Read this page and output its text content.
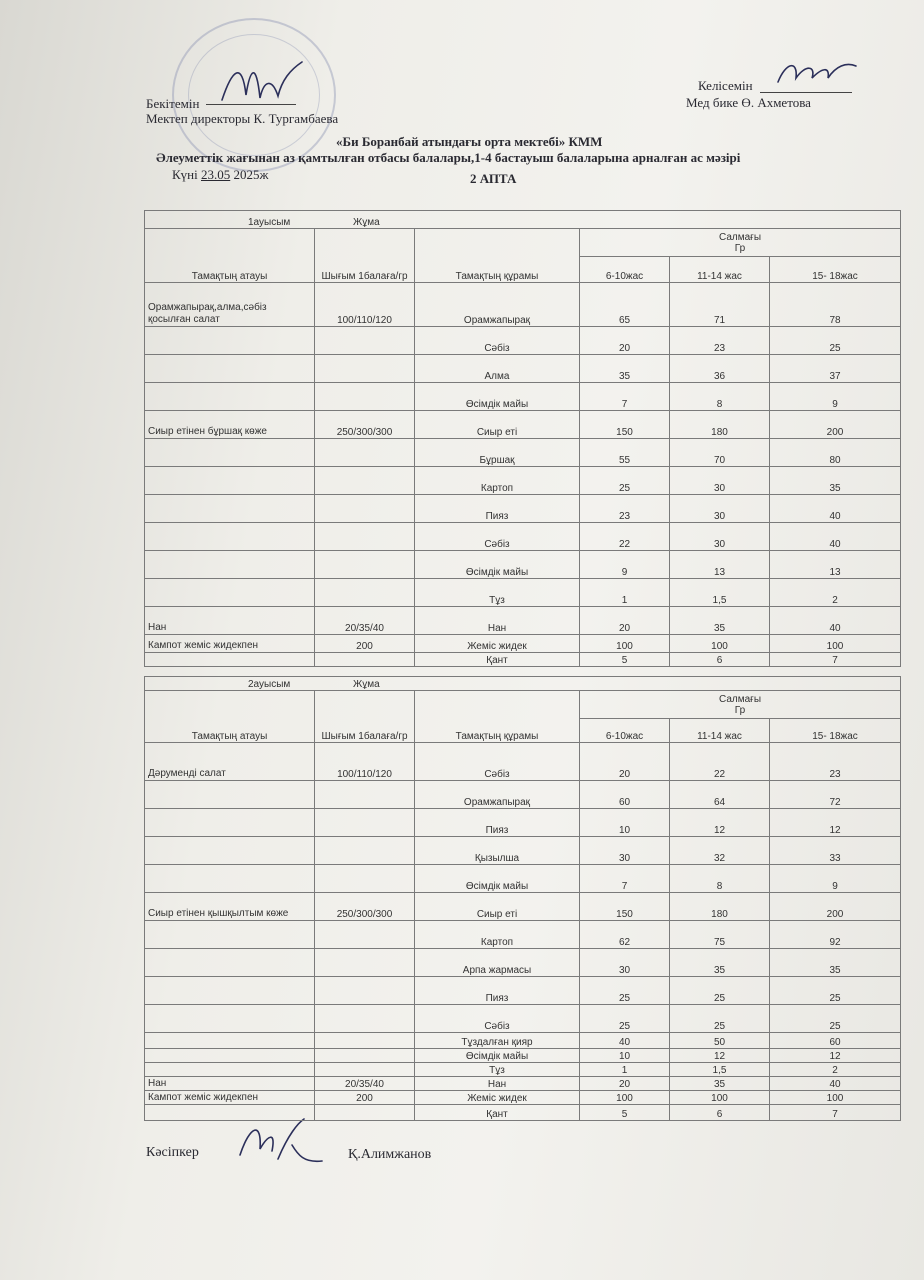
Бекітемін
Мектеп директоры К. Тургамбаева
Келісемін
Мед бике Ө. Ахметова
«Би Боранбай атындағы орта мектебі» КММ
Әлеуметтік жағынан аз қамтылған отбасы балалары,1-4 бастауыш балаларына арналған ас мәзірі
Күні 23.05 2025ж	2 АПТА
1ауысым Жұма					
Тамақтың атауы	Шығым 1балаға/гр	Тамақтың құрамы	Салмағы
Гр		

			6-10жас	11-14 жас	15- 18жас
Орамжапырақ,алма,сәбіз қосылған салат	100/110/120	Орамжапырақ	65	71	78
		Сәбіз	20	23	25
		Алма	35	36	37
		Өсімдік майы	7	8	9
Сиыр етінен бұршақ көже	250/300/300	Сиыр еті	150	180	200
		Бұршақ	55	70	80
		Картоп	25	30	35
		Пияз	23	30	40
		Сәбіз	22	30	40
		Өсімдік майы	9	13	13
		Тұз	1	1,5	2
Нан	20/35/40	Нан	20	35	40
Кампот жеміс жидекпен	200	Жеміс жидек	100	100	100
		Қант	5	6	7
2ауысым Жұма					
Тамақтың атауы	Шығым 1балаға/гр	Тамақтың құрамы	Салмағы
Гр		

			6-10жас	11-14 жас	15- 18жас
Дәруменді салат	100/110/120	Сәбіз	20	22	23
		Орамжапырақ	60	64	72
		Пияз	10	12	12
		Қызылша	30	32	33
		Өсімдік майы	7	8	9
Сиыр етінен қышқылтым көже	250/300/300	Сиыр еті	150	180	200
		Картоп	62	75	92
		Арпа жармасы	30	35	35
		Пияз	25	25	25
		Сәбіз	25	25	25
		Тұздалған қияр	40	50	60
		Өсімдік майы	10	12	12
		Тұз	1	1,5	2
Нан	20/35/40	Нан	20	35	40
Кампот жеміс жидекпен	200	Жеміс жидек	100	100	100
		Қант	5	6	7
Кәсіпкер	Қ.Алимжанов
